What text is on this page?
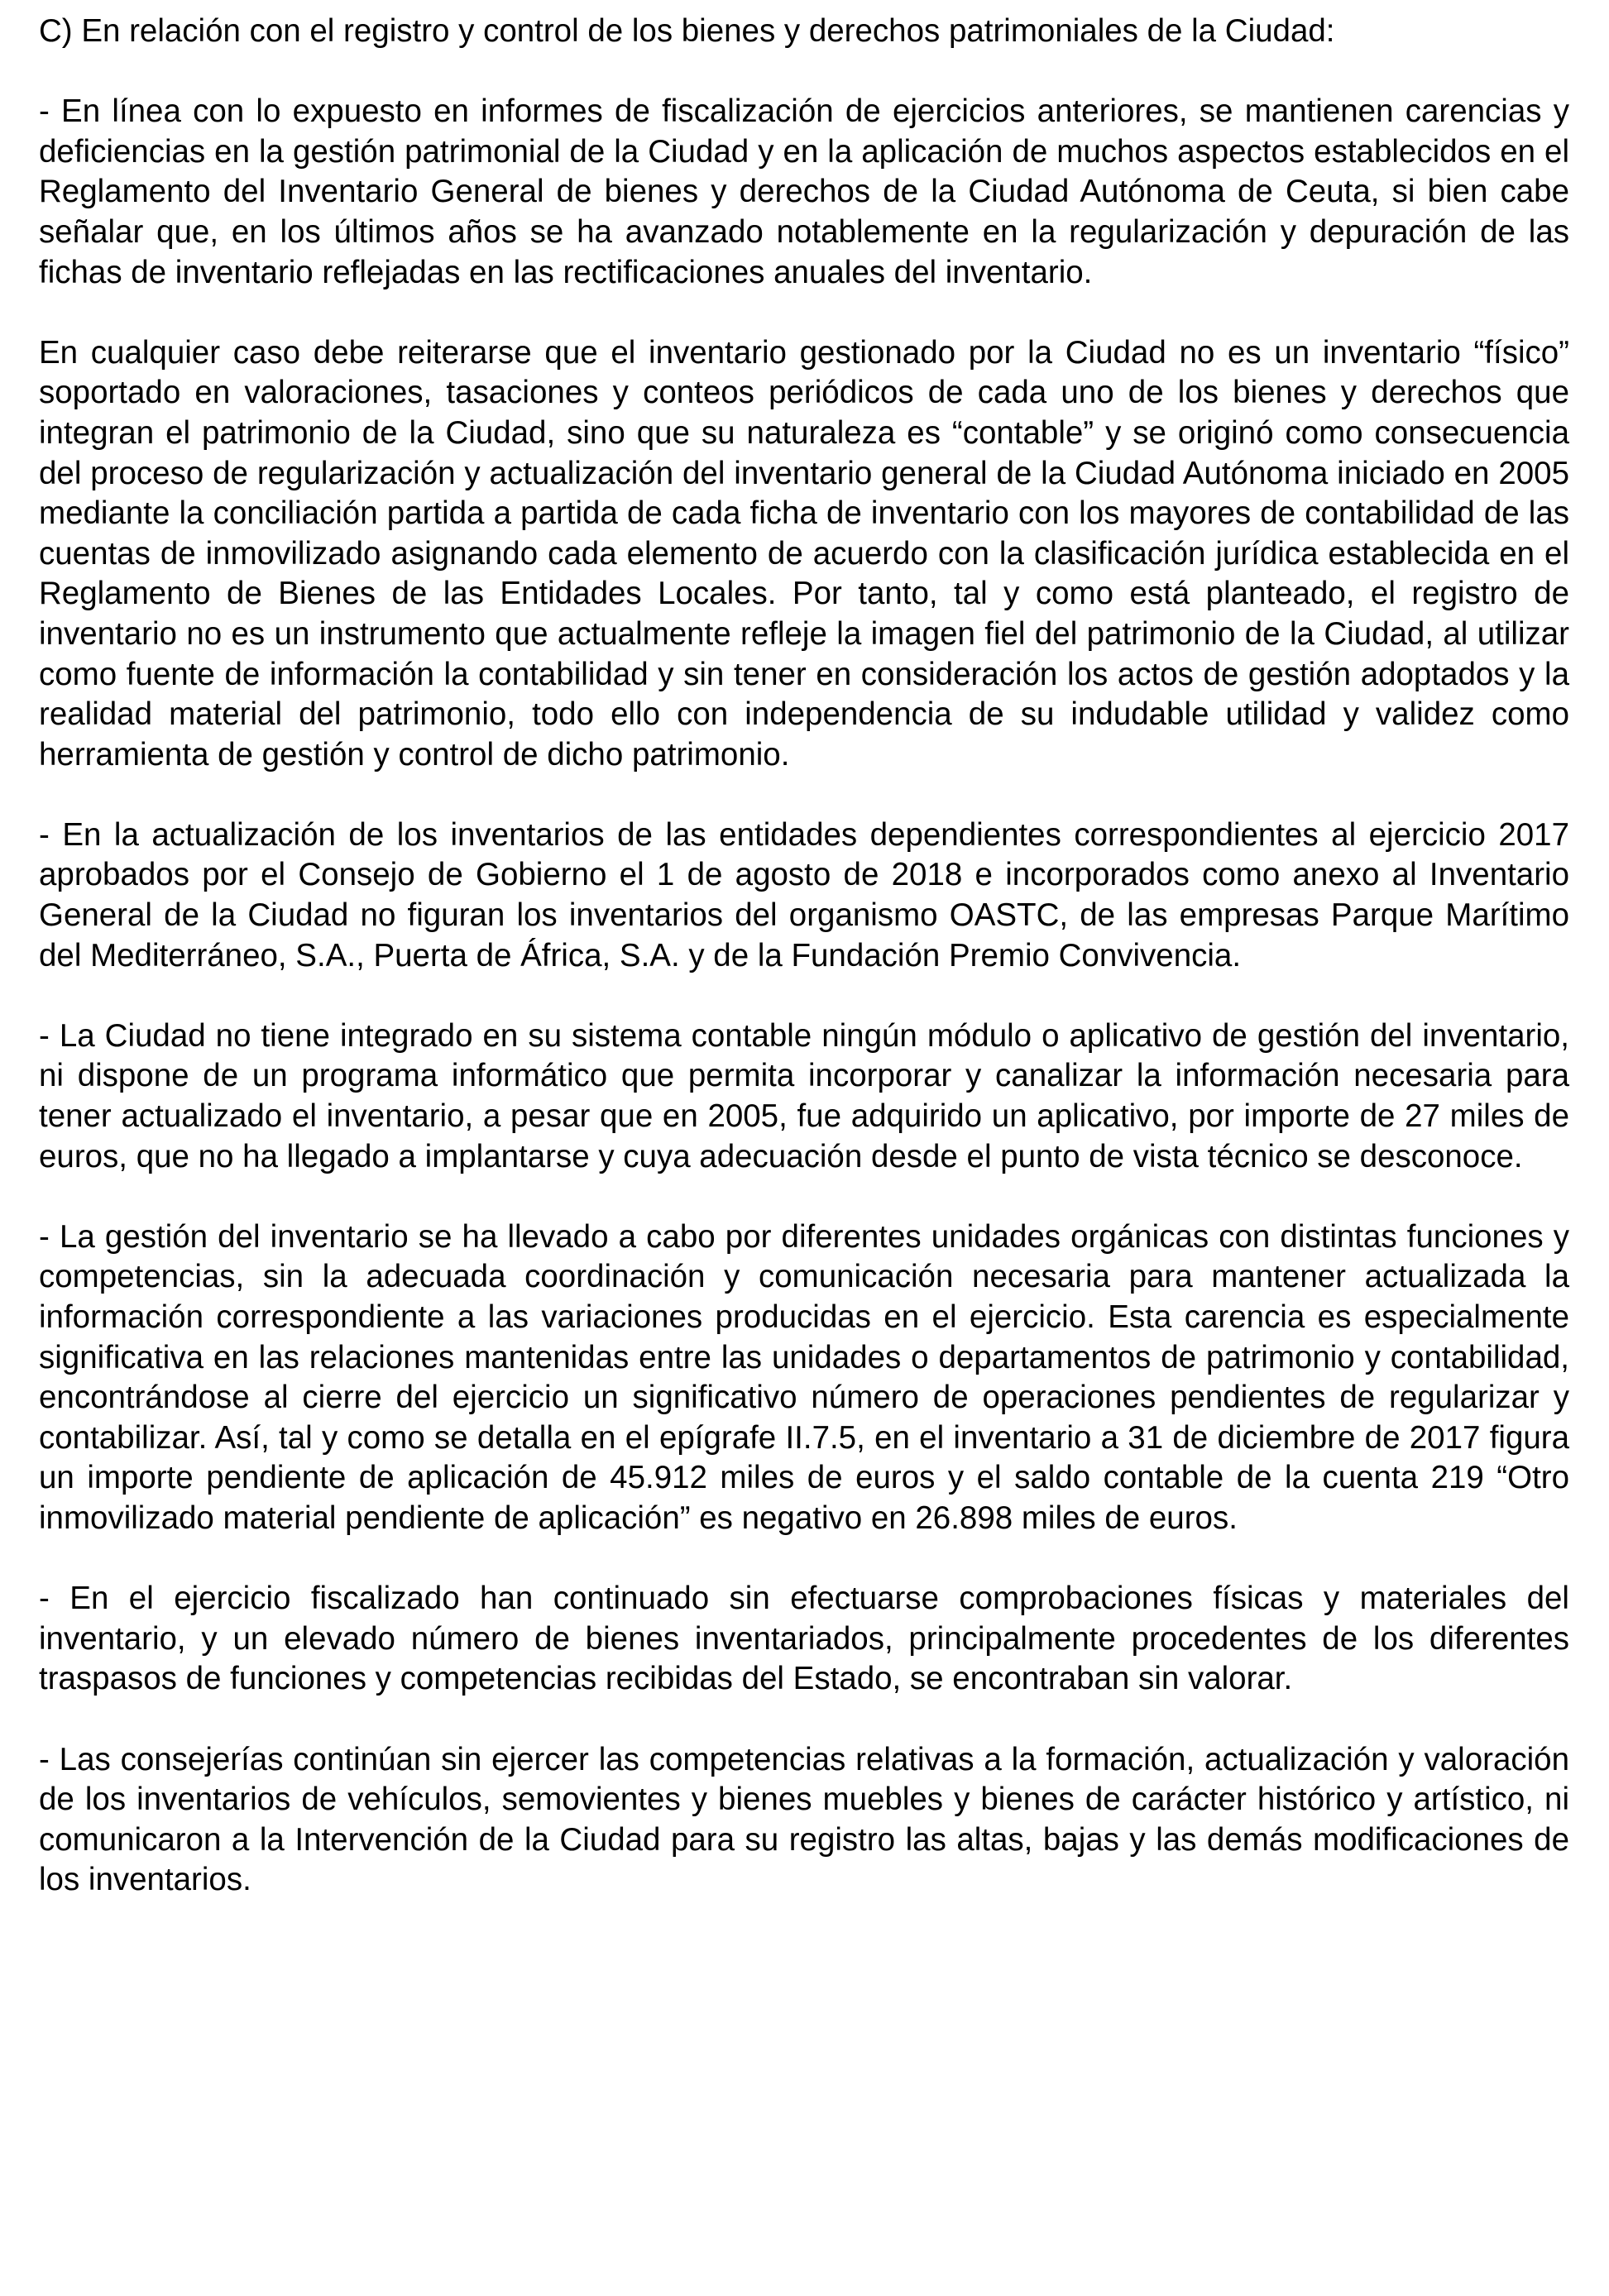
C) En relación con el registro y control de los bienes y derechos patrimoniales de la Ciudad:

- En línea con lo expuesto en informes de fiscalización de ejercicios anteriores, se mantienen carencias y deficiencias en la gestión patrimonial de la Ciudad y en la aplicación de muchos aspectos establecidos en el Reglamento del Inventario General de bienes y derechos de la Ciudad Autónoma de Ceuta, si bien cabe señalar que, en los últimos años se ha avanzado notablemente en la regularización y depuración de las fichas de inventario reflejadas en las rectificaciones anuales del inventario.

En cualquier caso debe reiterarse que el inventario gestionado por la Ciudad no es un inventario “físico” soportado en valoraciones, tasaciones y conteos periódicos de cada uno de los bienes y derechos que integran el patrimonio de la Ciudad, sino que su naturaleza es “contable” y se originó como consecuencia del proceso de regularización y actualización del inventario general de la Ciudad Autónoma iniciado en 2005 mediante la conciliación partida a partida de cada ficha de inventario con los mayores de contabilidad de las cuentas de inmovilizado asignando cada elemento de acuerdo con la clasificación jurídica establecida en el Reglamento de Bienes de las Entidades Locales. Por tanto, tal y como está planteado, el registro de inventario no es un instrumento que actualmente refleje la imagen fiel del patrimonio de la Ciudad, al utilizar como fuente de información la contabilidad y sin tener en consideración los actos de gestión adoptados y la realidad material del patrimonio, todo ello con independencia de su indudable utilidad y validez como herramienta de gestión y control de dicho patrimonio.

- En la actualización de los inventarios de las entidades dependientes correspondientes al ejercicio 2017 aprobados por el Consejo de Gobierno el 1 de agosto de 2018 e incorporados como anexo al Inventario General de la Ciudad no figuran los inventarios del organismo OASTC, de las empresas Parque Marítimo del Mediterráneo, S.A., Puerta de África, S.A. y de la Fundación Premio Convivencia.

- La Ciudad no tiene integrado en su sistema contable ningún módulo o aplicativo de gestión del inventario, ni dispone de un programa informático que permita incorporar y canalizar la información necesaria para tener actualizado el inventario, a pesar que en 2005, fue adquirido un aplicativo, por importe de 27 miles de euros, que no ha llegado a implantarse y cuya adecuación desde el punto de vista técnico se desconoce.

- La gestión del inventario se ha llevado a cabo por diferentes unidades orgánicas con distintas funciones y competencias, sin la adecuada coordinación y comunicación necesaria para mantener actualizada la información correspondiente a las variaciones producidas en el ejercicio. Esta carencia es especialmente significativa en las relaciones mantenidas entre las unidades o departamentos de patrimonio y contabilidad, encontrándose al cierre del ejercicio un significativo número de operaciones pendientes de regularizar y contabilizar. Así, tal y como se detalla en el epígrafe II.7.5, en el inventario a 31 de diciembre de 2017 figura un importe pendiente de aplicación de 45.912 miles de euros y el saldo contable de la cuenta 219 “Otro inmovilizado material pendiente de aplicación” es negativo en 26.898 miles de euros.

- En el ejercicio fiscalizado han continuado sin efectuarse comprobaciones físicas y materiales del inventario, y un elevado número de bienes inventariados, principalmente procedentes de los diferentes traspasos de funciones y competencias recibidas del Estado, se encontraban sin valorar.

- Las consejerías continúan sin ejercer las competencias relativas a la formación, actualización y valoración de los inventarios de vehículos, semovientes y bienes muebles y bienes de carácter histórico y artístico, ni comunicaron a la Intervención de la Ciudad para su registro las altas, bajas y las demás modificaciones de los inventarios.
